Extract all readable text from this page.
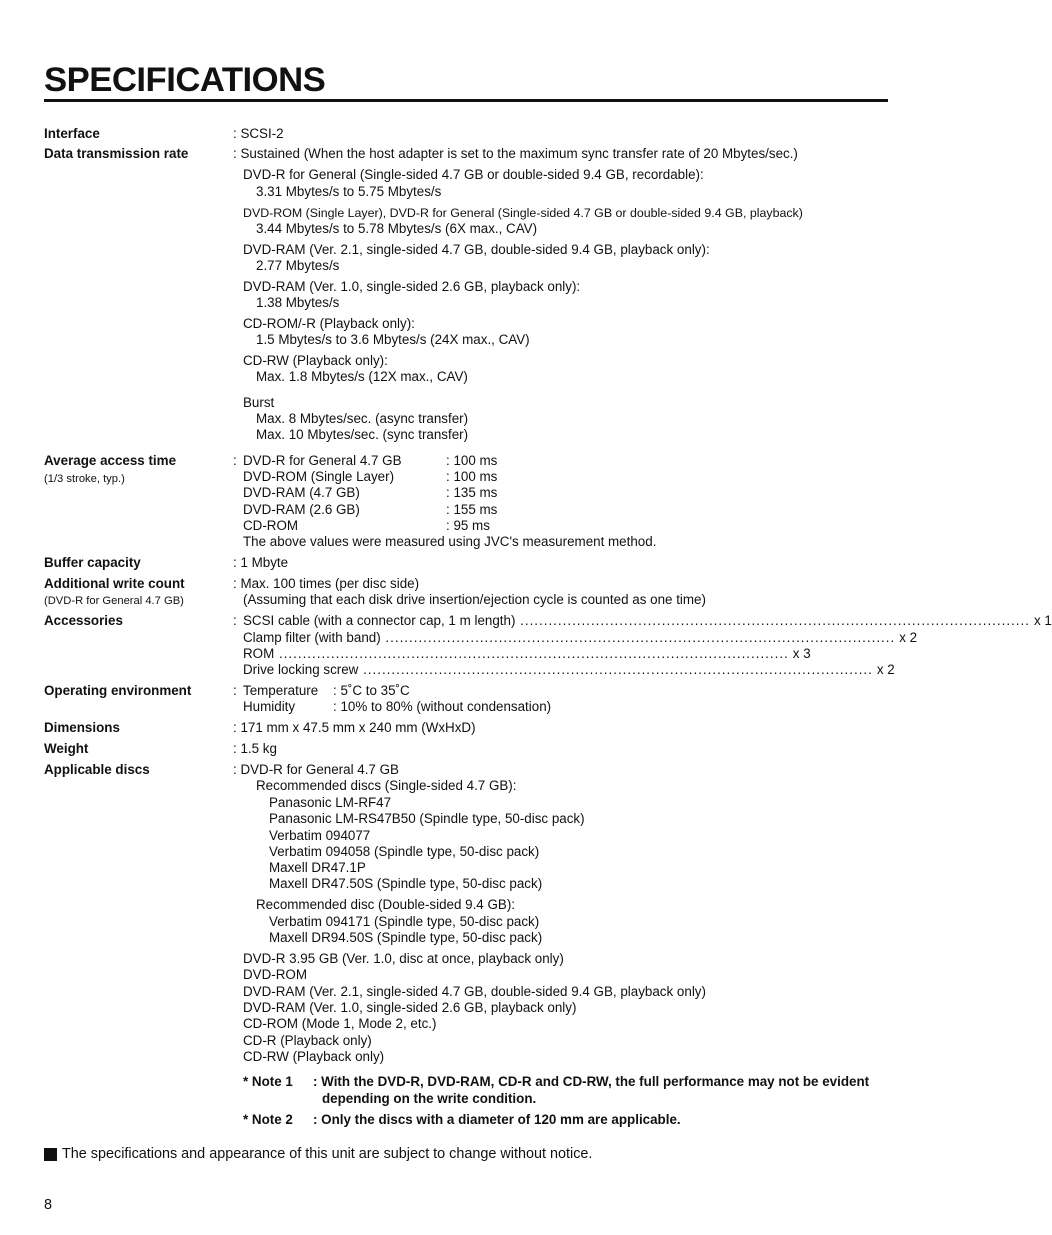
SPECIFICATIONS
Interface	: SCSI-2
Data transmission rate	: Sustained (When the host adapter is set to the maximum sync transfer rate of 20 Mbytes/sec.)
DVD-R for General (Single-sided 4.7 GB or double-sided 9.4 GB, recordable):
3.31 Mbytes/s to 5.75 Mbytes/s
DVD-ROM (Single Layer), DVD-R for General (Single-sided 4.7 GB or double-sided 9.4 GB, playback)
3.44 Mbytes/s to 5.78 Mbytes/s (6X max., CAV)
DVD-RAM (Ver. 2.1, single-sided 4.7 GB, double-sided 9.4 GB, playback only):
2.77 Mbytes/s
DVD-RAM (Ver. 1.0, single-sided 2.6 GB, playback only):
1.38 Mbytes/s
CD-ROM/-R (Playback only):
1.5 Mbytes/s to 3.6 Mbytes/s (24X max., CAV)
CD-RW (Playback only):
Max. 1.8 Mbytes/s (12X max., CAV)
Burst
Max. 8 Mbytes/sec. (async transfer)
Max. 10 Mbytes/sec. (sync transfer)
Average access time
(1/3 stroke, typ.)
: DVD-R for General 4.7 GB	: 100 ms
DVD-ROM (Single Layer)	: 100 ms
DVD-RAM (4.7 GB)	: 135 ms
DVD-RAM (2.6 GB)	: 155 ms
CD-ROM	: 95 ms
The above values were measured using JVC's measurement method.
Buffer capacity	: 1 Mbyte
Additional write count
(DVD-R for General 4.7 GB)
: Max. 100 times (per disc side)
(Assuming that each disk drive insertion/ejection cycle is counted as one time)
Accessories	: SCSI cable (with a connector cap, 1 m length) ............................................................................................................ x 1
Clamp filter (with band) ............................................................................................................ x 2
ROM ............................................................................................................ x 3
Drive locking screw ............................................................................................................ x 2
Operating environment	: Temperature : 5˚C to 35˚C
Humidity	: 10% to 80% (without condensation)
Dimensions	: 171 mm x 47.5 mm x 240 mm (WxHxD)
Weight	: 1.5 kg
Applicable discs	: DVD-R for General 4.7 GB
Recommended discs (Single-sided 4.7 GB):
Panasonic LM-RF47
Panasonic LM-RS47B50 (Spindle type, 50-disc pack)
Verbatim 094077
Verbatim 094058 (Spindle type, 50-disc pack)
Maxell DR47.1P
Maxell DR47.50S (Spindle type, 50-disc pack)
Recommended disc (Double-sided 9.4 GB):
Verbatim 094171 (Spindle type, 50-disc pack)
Maxell DR94.50S (Spindle type, 50-disc pack)
DVD-R 3.95 GB (Ver. 1.0, disc at once, playback only)
DVD-ROM
DVD-RAM (Ver. 2.1, single-sided 4.7 GB, double-sided 9.4 GB, playback only)
DVD-RAM (Ver. 1.0, single-sided 2.6 GB, playback only)
CD-ROM (Mode 1, Mode 2, etc.)
CD-R (Playback only)
CD-RW (Playback only)
* Note 1 : With the DVD-R, DVD-RAM, CD-R and CD-RW, the full performance may not be evident depending on the write condition.
* Note 2 : Only the discs with a diameter of 120 mm are applicable.
The specifications and appearance of this unit are subject to change without notice.
8
